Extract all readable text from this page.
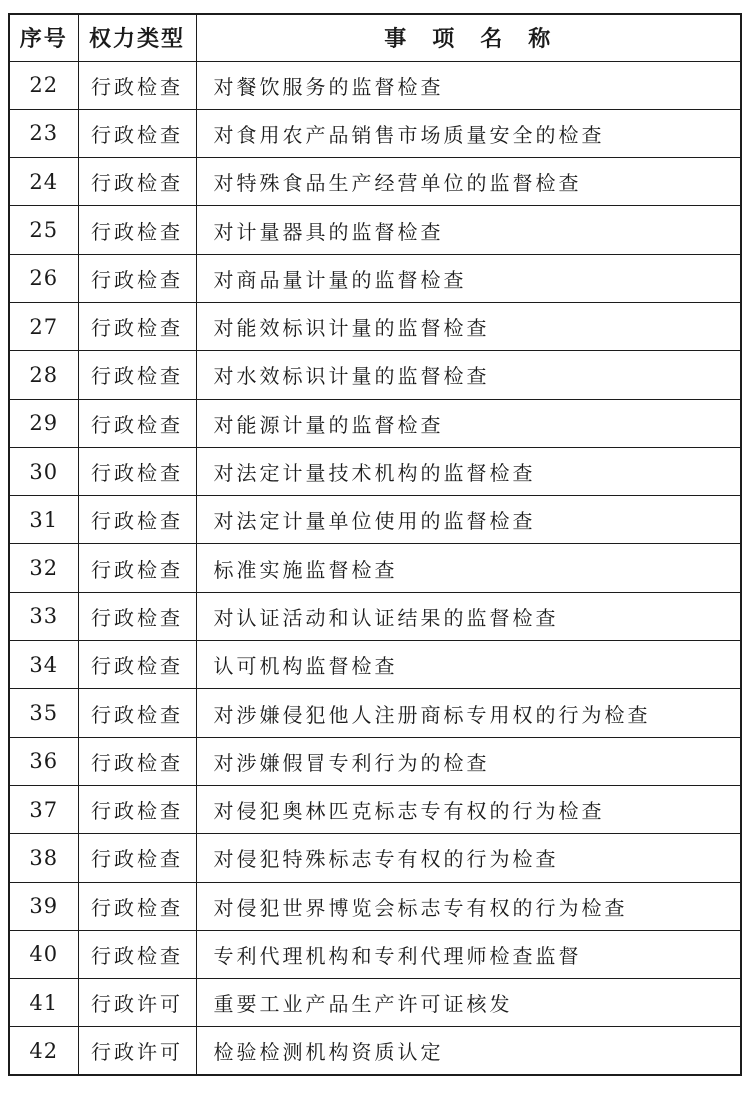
序号	权力类型	事　项　名　称
22	行政检查	对餐饮服务的监督检查
23	行政检查	对食用农产品销售市场质量安全的检查
24	行政检查	对特殊食品生产经营单位的监督检查
25	行政检查	对计量器具的监督检查
26	行政检查	对商品量计量的监督检查
27	行政检查	对能效标识计量的监督检查
28	行政检查	对水效标识计量的监督检查
29	行政检查	对能源计量的监督检查
30	行政检查	对法定计量技术机构的监督检查
31	行政检查	对法定计量单位使用的监督检查
32	行政检查	标准实施监督检查
33	行政检查	对认证活动和认证结果的监督检查
34	行政检查	认可机构监督检查
35	行政检查	对涉嫌侵犯他人注册商标专用权的行为检查
36	行政检查	对涉嫌假冒专利行为的检查
37	行政检查	对侵犯奥林匹克标志专有权的行为检查
38	行政检查	对侵犯特殊标志专有权的行为检查
39	行政检查	对侵犯世界博览会标志专有权的行为检查
40	行政检查	专利代理机构和专利代理师检查监督
41	行政许可	重要工业产品生产许可证核发
42	行政许可	检验检测机构资质认定
